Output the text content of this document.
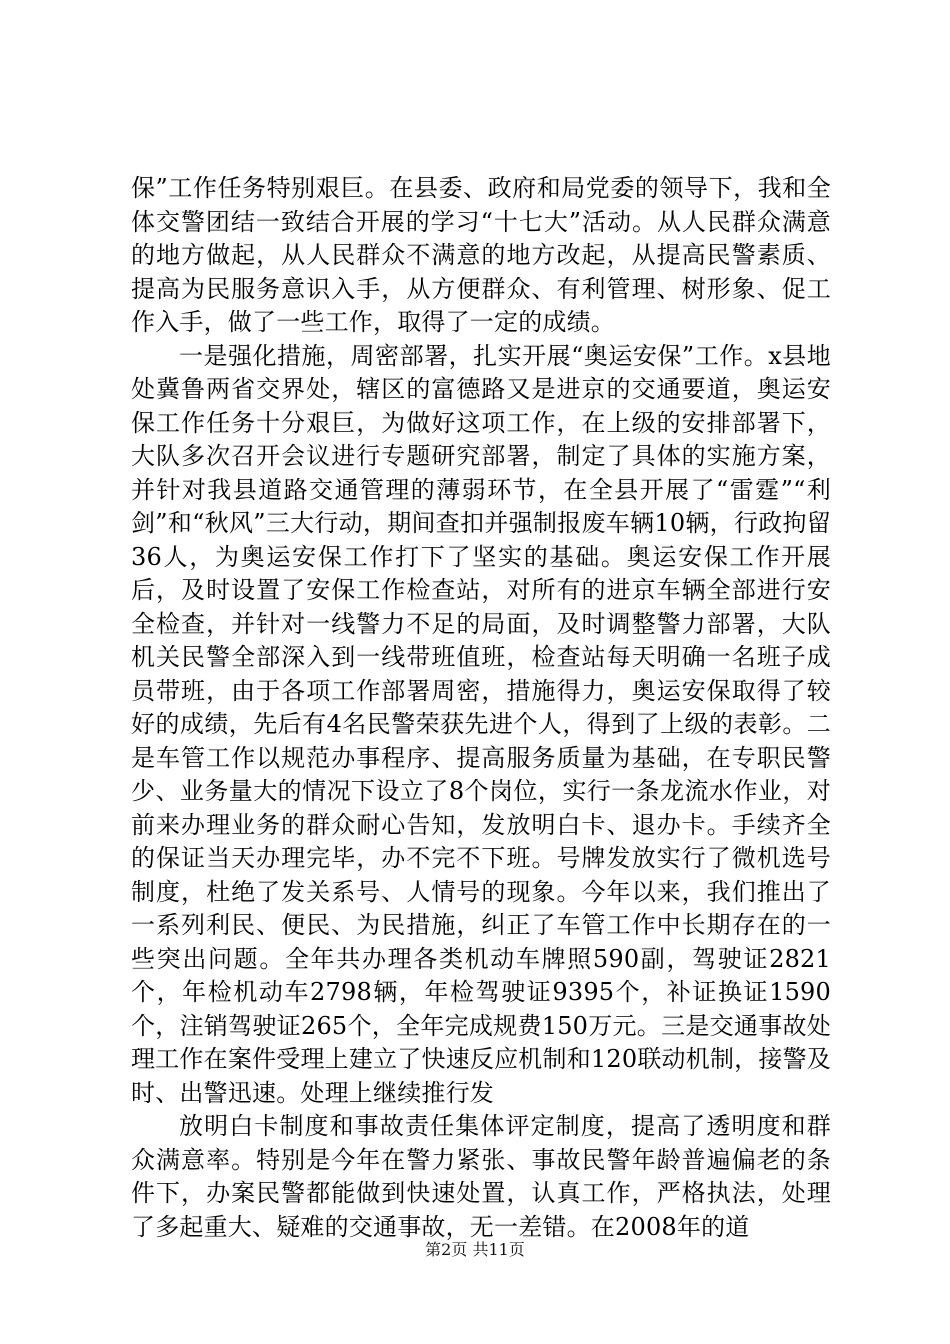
保”工作任务特别艰巨。在县委、政府和局党委的领导下，我和全体交警团结一致结合开展的学习“十七大”活动。从人民群众满意的地方做起，从人民群众不满意的地方改起，从提高民警素质、提高为民服务意识入手，从方便群众、有利管理、树形象、促工作入手，做了一些工作，取得了一定的成绩。

一是强化措施，周密部署，扎实开展“奥运安保”工作。x县地处冀鲁两省交界处，辖区的富德路又是进京的交通要道，奥运安保工作任务十分艰巨，为做好这项工作，在上级的安排部署下，大队多次召开会议进行专题研究部署，制定了具体的实施方案，并针对我县道路交通管理的薄弱环节，在全县开展了“雷霆”“利剑”和“秋风”三大行动，期间查扣并强制报废车辆10辆，行政拘留36人，为奥运安保工作打下了坚实的基础。奥运安保工作开展后，及时设置了安保工作检查站，对所有的进京车辆全部进行安全检查，并针对一线警力不足的局面，及时调整警力部署，大队机关民警全部深入到一线带班值班，检查站每天明确一名班子成员带班，由于各项工作部署周密，措施得力，奥运安保取得了较好的成绩，先后有4名民警荣获先进个人，得到了上级的表彰。二是车管工作以规范办事程序、提高服务质量为基础，在专职民警少、业务量大的情况下设立了8个岗位，实行一条龙流水作业，对前来办理业务的群众耐心告知，发放明白卡、退办卡。手续齐全的保证当天办理完毕，办不完不下班。号牌发放实行了微机选号制度，杜绝了发关系号、人情号的现象。今年以来，我们推出了一系列利民、便民、为民措施，纠正了车管工作中长期存在的一些突出问题。全年共办理各类机动车牌照590副，驾驶证2821个，年检机动车2798辆，年检驾驶证9395个，补证换证1590个，注销驾驶证265个，全年完成规费150万元。三是交通事故处理工作在案件受理上建立了快速反应机制和120联动机制，接警及时、出警迅速。处理上继续推行发

放明白卡制度和事故责任集体评定制度，提高了透明度和群众满意率。特别是今年在警力紧张、事故民警年龄普遍偏老的条件下，办案民警都能做到快速处置，认真工作，严格执法，处理了多起重大、疑难的交通事故，无一差错。在2008年的道

第2页 共11页
